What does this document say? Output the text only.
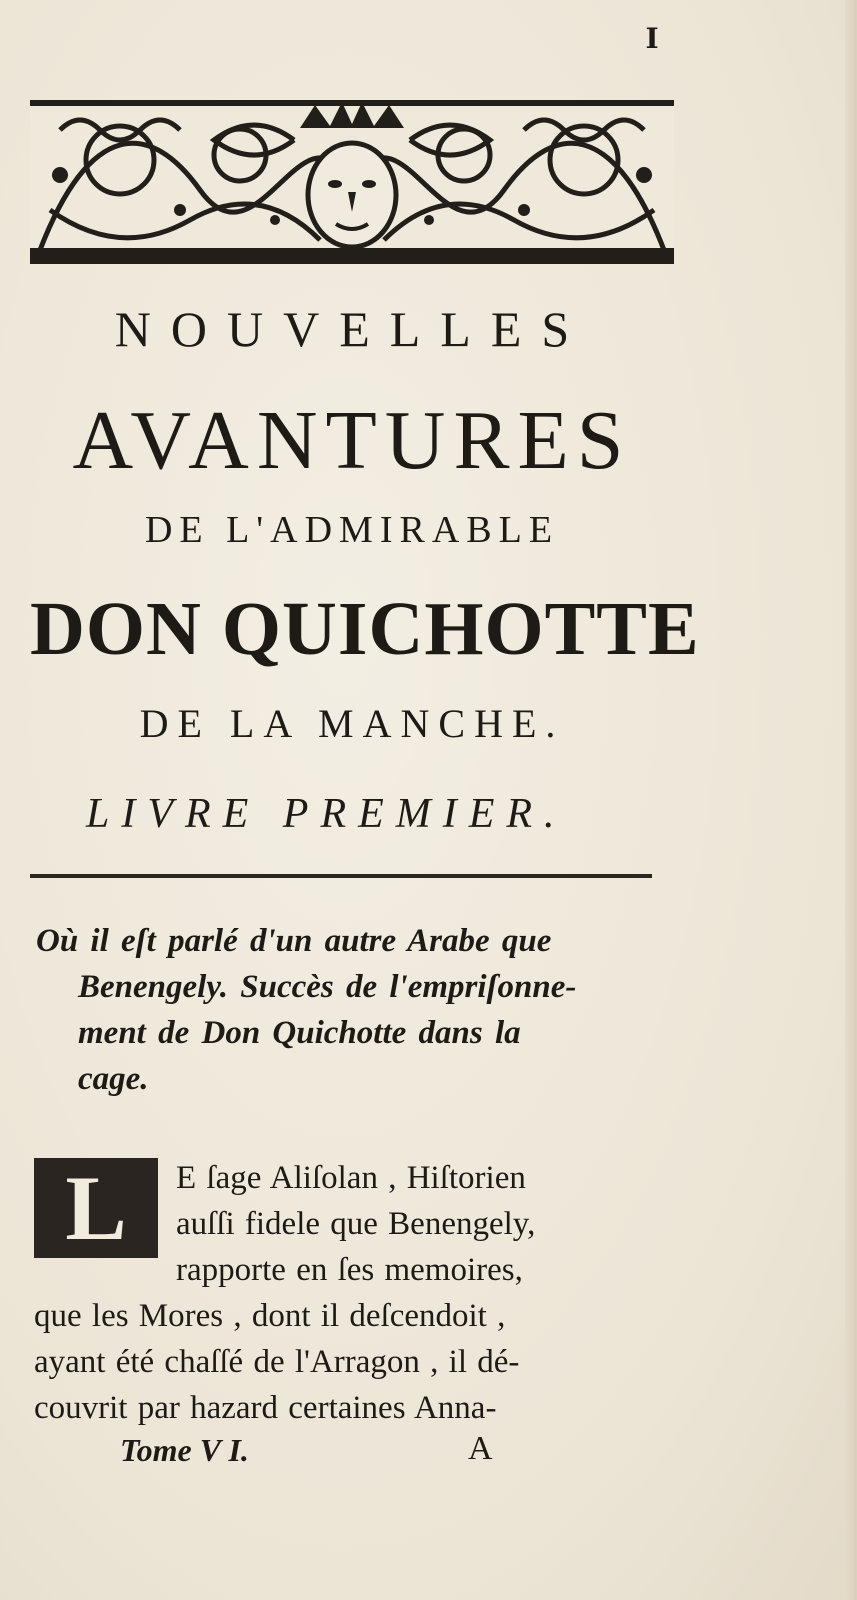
I
NOUVELLES
AVANTURES
DE L'ADMIRABLE
DON QUICHOTTE
DE LA MANCHE.
LIVRE PREMIER.
Où il eſt parlé d'un autre Arabe que
Benengely. Succès de l'empriſonne-
ment de Don Quichotte dans la
cage.
L	E ſage Aliſolan , Hiſtorien
auſſi fidele que Benengely,
rapporte en ſes memoires,
que les Mores , dont il deſcendoit ,
ayant été chaſſé de l'Arragon , il dé-
couvrit par hazard certaines Anna-
Tome V I.	A
